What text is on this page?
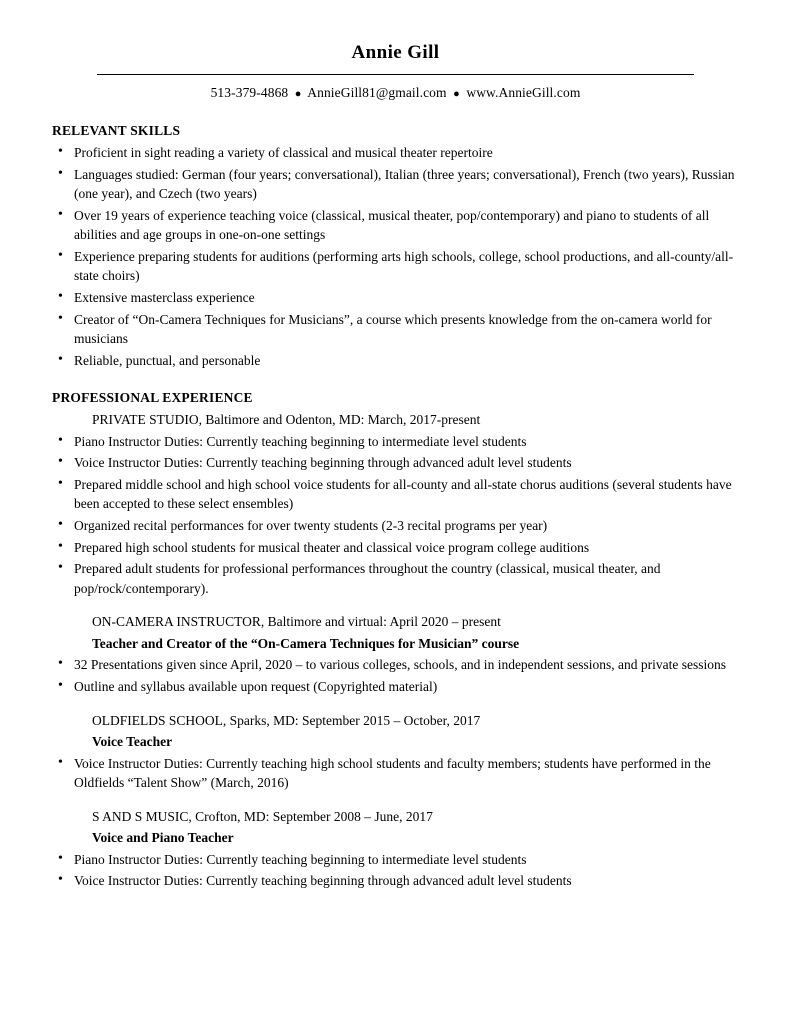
Annie Gill
513-379-4868 ● AnnieGill81@gmail.com ● www.AnnieGill.com
RELEVANT SKILLS
• Proficient in sight reading a variety of classical and musical theater repertoire
• Languages studied: German (four years; conversational), Italian (three years; conversational), French (two years), Russian (one year), and Czech (two years)
• Over 19 years of experience teaching voice (classical, musical theater, pop/contemporary) and piano to students of all abilities and age groups in one-on-one settings
• Experience preparing students for auditions (performing arts high schools, college, school productions, and all-county/all-state choirs)
• Extensive masterclass experience
• Creator of “On-Camera Techniques for Musicians”, a course which presents knowledge from the on-camera world for musicians
• Reliable, punctual, and personable
PROFESSIONAL EXPERIENCE
PRIVATE STUDIO, Baltimore and Odenton, MD: March, 2017-present
• Piano Instructor Duties: Currently teaching beginning to intermediate level students
• Voice Instructor Duties: Currently teaching beginning through advanced adult level students
• Prepared middle school and high school voice students for all-county and all-state chorus auditions (several students have been accepted to these select ensembles)
• Organized recital performances for over twenty students (2-3 recital programs per year)
• Prepared high school students for musical theater and classical voice program college auditions
• Prepared adult students for professional performances throughout the country (classical, musical theater, and pop/rock/contemporary).
ON-CAMERA INSTRUCTOR, Baltimore and virtual: April 2020 – present
Teacher and Creator of the “On-Camera Techniques for Musician” course
• 32 Presentations given since April, 2020 – to various colleges, schools, and in independent sessions, and private sessions
• Outline and syllabus available upon request (Copyrighted material)
OLDFIELDS SCHOOL, Sparks, MD: September 2015 – October, 2017
Voice Teacher
• Voice Instructor Duties: Currently teaching high school students and faculty members; students have performed in the Oldfields “Talent Show” (March, 2016)
S AND S MUSIC, Crofton, MD: September 2008 – June, 2017
Voice and Piano Teacher
• Piano Instructor Duties: Currently teaching beginning to intermediate level students
• Voice Instructor Duties: Currently teaching beginning through advanced adult level students
